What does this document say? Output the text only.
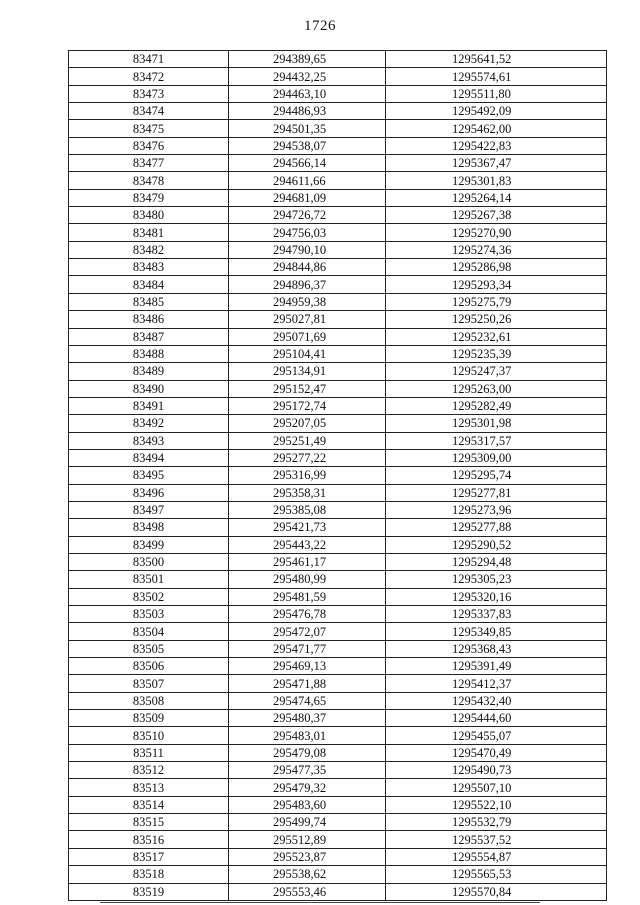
1726
83471	294389,65	1295641,52
83472	294432,25	1295574,61
83473	294463,10	1295511,80
83474	294486,93	1295492,09
83475	294501,35	1295462,00
83476	294538,07	1295422,83
83477	294566,14	1295367,47
83478	294611,66	1295301,83
83479	294681,09	1295264,14
83480	294726,72	1295267,38
83481	294756,03	1295270,90
83482	294790,10	1295274,36
83483	294844,86	1295286,98
83484	294896,37	1295293,34
83485	294959,38	1295275,79
83486	295027,81	1295250,26
83487	295071,69	1295232,61
83488	295104,41	1295235,39
83489	295134,91	1295247,37
83490	295152,47	1295263,00
83491	295172,74	1295282,49
83492	295207,05	1295301,98
83493	295251,49	1295317,57
83494	295277,22	1295309,00
83495	295316,99	1295295,74
83496	295358,31	1295277,81
83497	295385,08	1295273,96
83498	295421,73	1295277,88
83499	295443,22	1295290,52
83500	295461,17	1295294,48
83501	295480,99	1295305,23
83502	295481,59	1295320,16
83503	295476,78	1295337,83
83504	295472,07	1295349,85
83505	295471,77	1295368,43
83506	295469,13	1295391,49
83507	295471,88	1295412,37
83508	295474,65	1295432,40
83509	295480,37	1295444,60
83510	295483,01	1295455,07
83511	295479,08	1295470,49
83512	295477,35	1295490,73
83513	295479,32	1295507,10
83514	295483,60	1295522,10
83515	295499,74	1295532,79
83516	295512,89	1295537,52
83517	295523,87	1295554,87
83518	295538,62	1295565,53
83519	295553,46	1295570,84
